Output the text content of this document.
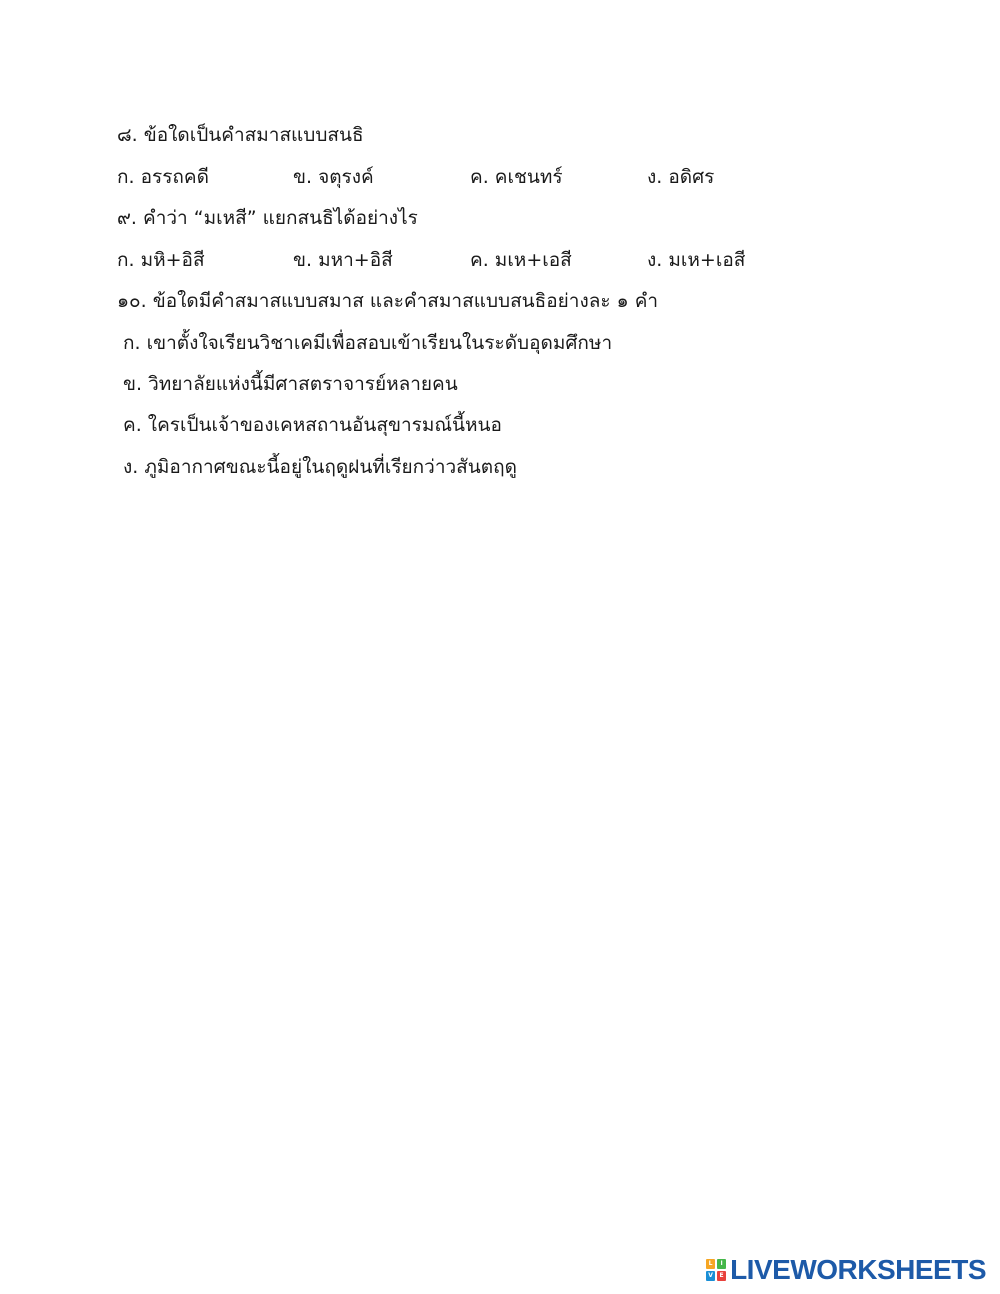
๘. ข้อใดเป็นคำสมาสแบบสนธิ
ก. อรรถคดี	ข. จตุรงค์	ค. คเชนทร์	ง. อดิศร
๙. คำว่า “มเหสี” แยกสนธิได้อย่างไร
ก. มหิ+อิสี	ข. มหา+อิสี	ค. มเห+เอสี	ง. มเห+เอสี
๑๐. ข้อใดมีคำสมาสแบบสมาส และคำสมาสแบบสนธิอย่างละ ๑ คำ
ก. เขาตั้งใจเรียนวิชาเคมีเพื่อสอบเข้าเรียนในระดับอุดมศึกษา
ข. วิทยาลัยแห่งนี้มีศาสตราจารย์หลายคน
ค. ใครเป็นเจ้าของเคหสถานอันสุขารมณ์นี้หนอ
ง. ภูมิอากาศขณะนี้อยู่ในฤดูฝนที่เรียกว่าวสันตฤดู
L	I
V	E LIVEWORKSHEETS
